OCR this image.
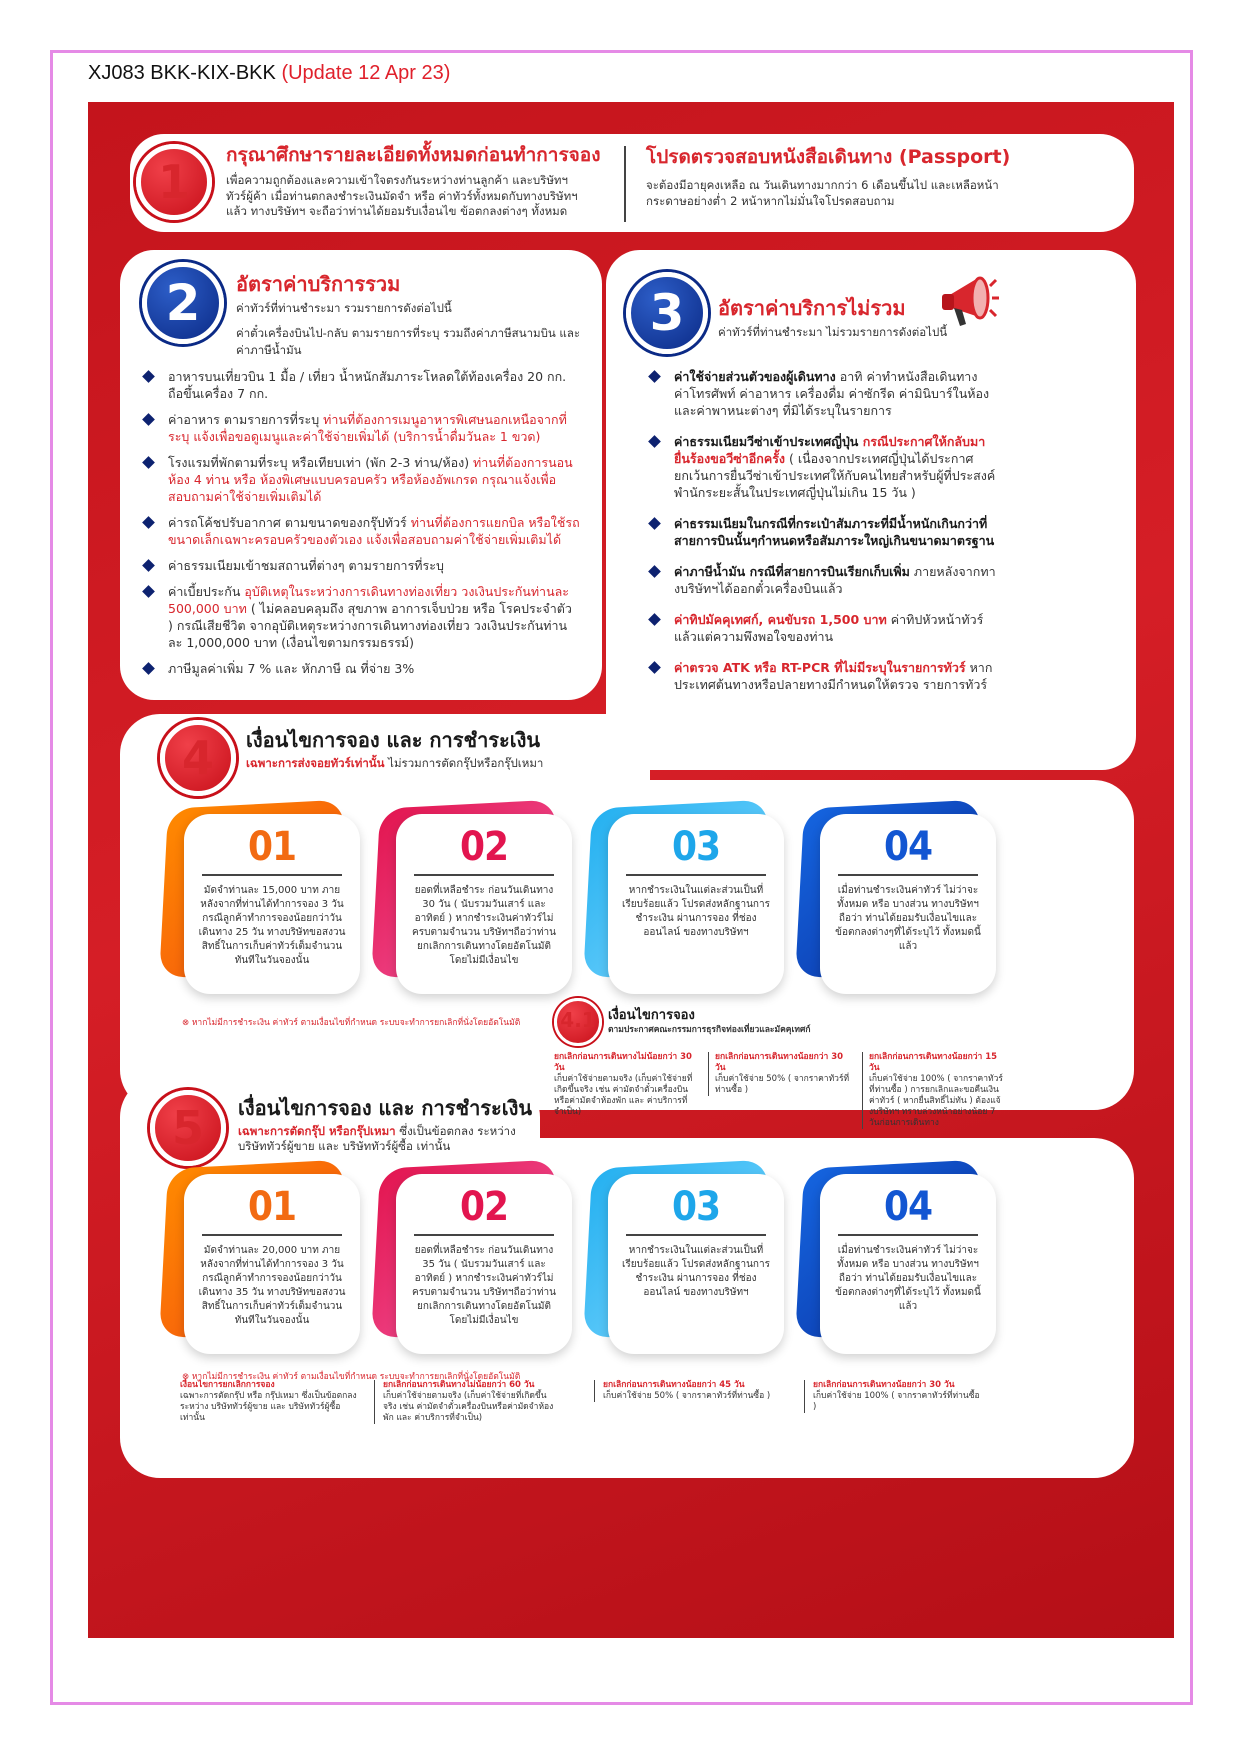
XJ083 BKK-KIX-BKK (Update 12 Apr 23)
1	กรุณาศึกษารายละเอียดทั้งหมดก่อนทำการจอง
เพื่อความถูกต้องและความเข้าใจตรงกันระหว่างท่านลูกค้า และบริษัทฯ ทัวร์ผู้ค้า เมื่อท่านตกลงชำระเงินมัดจำ หรือ ค่าทัวร์ทั้งหมดกับทางบริษัทฯ แล้ว ทางบริษัทฯ จะถือว่าท่านได้ยอมรับเงื่อนไข ข้อตกลงต่างๆ ทั้งหมด
โปรดตรวจสอบหนังสือเดินทาง (Passport)
จะต้องมีอายุคงเหลือ ณ วันเดินทางมากกว่า 6 เดือนขึ้นไป และเหลือหน้ากระดาษอย่างต่ำ 2 หน้าหากไม่มั่นใจโปรดสอบถาม
2	อัตราค่าบริการรวม
ค่าทัวร์ที่ท่านชำระมา รวมรายการดังต่อไปนี้
ค่าตั๋วเครื่องบินไป-กลับ ตามรายการที่ระบุ รวมถึงค่าภาษีสนามบิน และค่าภาษีน้ำมัน
อาหารบนเที่ยวบิน 1 มื้อ / เที่ยว น้ำหนักสัมภาระโหลดใต้ท้องเครื่อง 20 กก. ถือขึ้นเครื่อง 7 กก.
ค่าอาหาร ตามรายการที่ระบุ ท่านที่ต้องการเมนูอาหารพิเศษนอกเหนือจากที่ระบุ แจ้งเพื่อขอดูเมนูและค่าใช้จ่ายเพิ่มได้ (บริการน้ำดื่มวันละ 1 ขวด)
โรงแรมที่พักตามที่ระบุ หรือเทียบเท่า (พัก 2-3 ท่าน/ห้อง) ท่านที่ต้องการนอนห้อง 4 ท่าน หรือ ห้องพิเศษแบบครอบครัว หรือห้องอัพเกรด กรุณาแจ้งเพื่อสอบถามค่าใช้จ่ายเพิ่มเติมได้
ค่ารถโค้ชปรับอากาศ ตามขนาดของกรุ๊ปทัวร์ ท่านที่ต้องการแยกบิล หรือใช้รถขนาดเล็กเฉพาะครอบครัวของตัวเอง แจ้งเพื่อสอบถามค่าใช้จ่ายเพิ่มเติมได้
ค่าธรรมเนียมเข้าชมสถานที่ต่างๆ ตามรายการที่ระบุ
ค่าเบี้ยประกัน อุบัติเหตุในระหว่างการเดินทางท่องเที่ยว วงเงินประกันท่านละ 500,000 บาท ( ไม่คลอบคลุมถึง สุขภาพ อาการเจ็บป่วย หรือ โรคประจำตัว ) กรณีเสียชีวิต จากอุบัติเหตุระหว่างการเดินทางท่องเที่ยว วงเงินประกันท่านละ 1,000,000 บาท (เงื่อนไขตามกรรมธรรม์)
ภาษีมูลค่าเพิ่ม 7 % และ หักภาษี ณ ที่จ่าย 3%
3	อัตราค่าบริการไม่รวม
ค่าทัวร์ที่ท่านชำระมา ไม่รวมรายการดังต่อไปนี้
ค่าใช้จ่ายส่วนตัวของผู้เดินทาง อาทิ ค่าทำหนังสือเดินทาง ค่าโทรศัพท์ ค่าอาหาร เครื่องดื่ม ค่าซักรีด ค่ามินิบาร์ในห้องและค่าพาหนะต่างๆ ที่มิได้ระบุในรายการ
ค่าธรรมเนียมวีซ่าเข้าประเทศญี่ปุ่น กรณีประกาศให้กลับมายื่นร้องขอวีซ่าอีกครั้ง ( เนื่องจากประเทศญี่ปุ่นได้ประกาศยกเว้นการยื่นวีซ่าเข้าประเทศให้กับคนไทยสำหรับผู้ที่ประสงค์พำนักระยะสั้นในประเทศญี่ปุ่นไม่เกิน 15 วัน )
ค่าธรรมเนียมในกรณีที่กระเป๋าสัมภาระที่มีน้ำหนักเกินกว่าที่สายการบินนั้นๆกำหนดหรือสัมภาระใหญ่เกินขนาดมาตรฐาน
ค่าภาษีน้ำมัน กรณีที่สายการบินเรียกเก็บเพิ่ม ภายหลังจากทางบริษัทฯได้ออกตั๋วเครื่องบินแล้ว
ค่าทิปมัคคุเทศก์, คนขับรถ 1,500 บาท ค่าทิปหัวหน้าทัวร์แล้วแต่ความพึงพอใจของท่าน
ค่าตรวจ ATK หรือ RT-PCR ที่ไม่มีระบุในรายการทัวร์ หากประเทศต้นทางหรือปลายทางมีกำหนดให้ตรวจ รายการทัวร์
4	เงื่อนไขการจอง และ การชำระเงิน
เฉพาะการส่งจอยทัวร์เท่านั้น ไม่รวมการตัดกรุ๊ปหรือกรุ๊ปเหมา
01
มัดจำท่านละ 15,000 บาท ภายหลังจากที่ท่านได้ทำการจอง 3 วัน กรณีลูกค้าทำการจองน้อยกว่าวันเดินทาง 25 วัน ทางบริษัทขอสงวนสิทธิ์ในการเก็บค่าทัวร์เต็มจำนวน ทันทีในวันจองนั้น
02
ยอดที่เหลือชำระ ก่อนวันเดินทาง 30 วัน ( นับรวมวันเสาร์ และ อาทิตย์ ) หากชำระเงินค่าทัวร์ไม่ครบตามจำนวน บริษัทฯถือว่าท่านยกเลิกการเดินทางโดยอัตโนมัติ โดยไม่มีเงื่อนไข
03
หากชำระเงินในแต่ละส่วนเป็นที่เรียบร้อยแล้ว โปรดส่งหลักฐานการชำระเงิน ผ่านการจอง ที่ช่อง ออนไลน์ ของทางบริษัทฯ
04
เมื่อท่านชำระเงินค่าทัวร์ ไม่ว่าจะทั้งหมด หรือ บางส่วน ทางบริษัทฯถือว่า ท่านได้ยอมรับเงื่อนไขและ ข้อตกลงต่างๆที่ได้ระบุไว้ ทั้งหมดนี้แล้ว
⊗ หากไม่มีการชำระเงิน ค่าทัวร์ ตามเงื่อนไขที่กำหนด ระบบจะทำการยกเลิกที่นั่งโดยอัตโนมัติ	4.1 เงื่อนไขการจอง
ตามประกาศคณะกรรมการธุรกิจท่องเที่ยวและมัคคุเทศก์
ยกเลิกก่อนการเดินทางไม่น้อยกว่า 30 วัน
เก็บค่าใช้จ่ายตามจริง (เก็บค่าใช้จ่ายที่เกิดขึ้นจริง เช่น ค่ามัดจำตั๋วเครื่องบินหรือค่ามัดจำห้องพัก และ ค่าบริการที่จำเป็น)
ยกเลิกก่อนการเดินทางน้อยกว่า 30 วัน
เก็บค่าใช้จ่าย 50% ( จากราคาทัวร์ที่ท่านซื้อ )
ยกเลิกก่อนการเดินทางน้อยกว่า 15 วัน
เก็บค่าใช้จ่าย 100% ( จากราคาทัวร์ที่ท่านซื้อ ) การยกเลิกและขอคืนเงินค่าทัวร์ ( หากยื่นสิทธิ์ไม่ทัน ) ต้องแจ้งบริษัทฯ ทราบล่วงหน้าอย่างน้อย 7 วันก่อนการเดินทาง
5	เงื่อนไขการจอง และ การชำระเงิน
เฉพาะการตัดกรุ๊ป หรือกรุ๊ปเหมา ซึ่งเป็นข้อตกลง ระหว่างบริษัททัวร์ผู้ขาย และ บริษัททัวร์ผู้ซื้อ เท่านั้น
01
มัดจำท่านละ 20,000 บาท ภายหลังจากที่ท่านได้ทำการจอง 3 วัน กรณีลูกค้าทำการจองน้อยกว่าวันเดินทาง 35 วัน ทางบริษัทขอสงวนสิทธิ์ในการเก็บค่าทัวร์เต็มจำนวน ทันทีในวันจองนั้น
02
ยอดที่เหลือชำระ ก่อนวันเดินทาง 35 วัน ( นับรวมวันเสาร์ และ อาทิตย์ ) หากชำระเงินค่าทัวร์ไม่ครบตามจำนวน บริษัทฯถือว่าท่านยกเลิกการเดินทางโดยอัตโนมัติ โดยไม่มีเงื่อนไข
03
หากชำระเงินในแต่ละส่วนเป็นที่เรียบร้อยแล้ว โปรดส่งหลักฐานการชำระเงิน ผ่านการจอง ที่ช่อง ออนไลน์ ของทางบริษัทฯ
04
เมื่อท่านชำระเงินค่าทัวร์ ไม่ว่าจะทั้งหมด หรือ บางส่วน ทางบริษัทฯถือว่า ท่านได้ยอมรับเงื่อนไขและ ข้อตกลงต่างๆที่ได้ระบุไว้ ทั้งหมดนี้แล้ว
⊗ หากไม่มีการชำระเงิน ค่าทัวร์ ตามเงื่อนไขที่กำหนด ระบบจะทำการยกเลิกที่นั่งโดยอัตโนมัติ
เงื่อนไขการยกเลิกการจอง
เฉพาะการตัดกรุ๊ป หรือ กรุ๊ปเหมา ซึ่งเป็นข้อตกลงระหว่าง บริษัททัวร์ผู้ขาย และ บริษัททัวร์ผู้ซื้อ เท่านั้น
ยกเลิกก่อนการเดินทางไม่น้อยกว่า 60 วัน
เก็บค่าใช้จ่ายตามจริง (เก็บค่าใช้จ่ายที่เกิดขึ้นจริง เช่น ค่ามัดจำตั๋วเครื่องบินหรือค่ามัดจำห้องพัก และ ค่าบริการที่จำเป็น)
ยกเลิกก่อนการเดินทางน้อยกว่า 45 วัน
เก็บค่าใช้จ่าย 50% ( จากราคาทัวร์ที่ท่านซื้อ )
ยกเลิกก่อนการเดินทางน้อยกว่า 30 วัน
เก็บค่าใช้จ่าย 100% ( จากราคาทัวร์ที่ท่านซื้อ )
